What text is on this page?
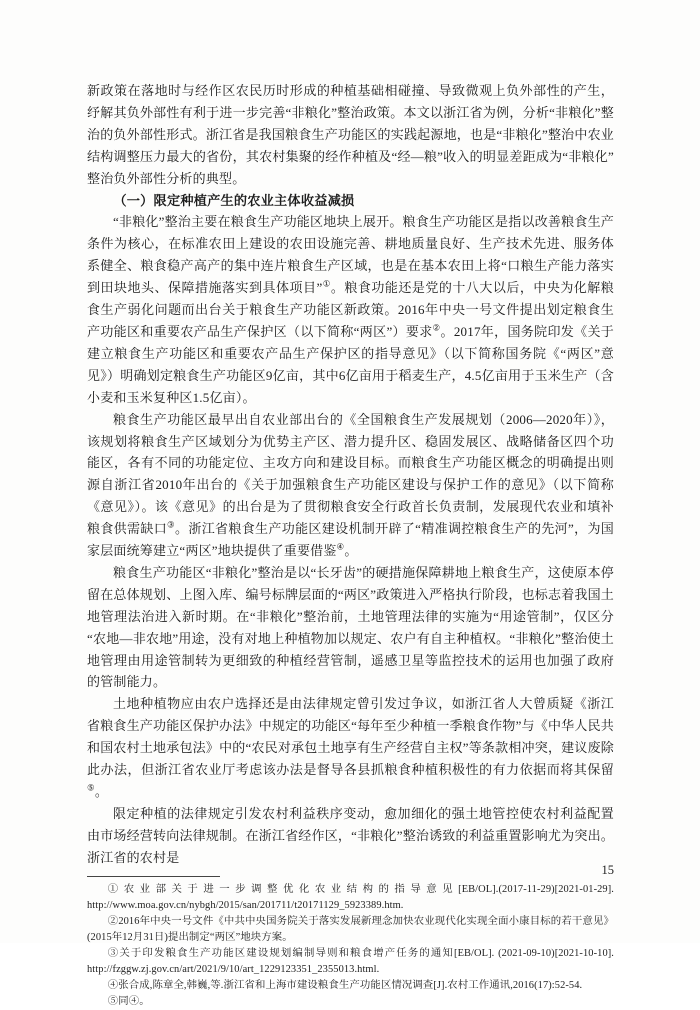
新政策在落地时与经作区农民历时形成的种植基础相碰撞、导致微观上负外部性的产生，纾解其负外部性有利于进一步完善“非粮化”整治政策。本文以浙江省为例，分析“非粮化”整治的负外部性形式。浙江省是我国粮食生产功能区的实践起源地，也是“非粮化”整治中农业结构调整压力最大的省份，其农村集聚的经作种植及“经—粮”收入的明显差距成为“非粮化”整治负外部性分析的典型。

（一）限定种植产生的农业主体收益减损

“非粮化”整治主要在粮食生产功能区地块上展开。粮食生产功能区是指以改善粮食生产条件为核心，在标准农田上建设的农田设施完善、耕地质量良好、生产技术先进、服务体系健全、粮食稳产高产的集中连片粮食生产区域，也是在基本农田上将“口粮生产能力落实到田块地头、保障措施落实到具体项目”①。粮食功能还是党的十八大以后，中央为化解粮食生产弱化问题而出台关于粮食生产功能区新政策。2016年中央一号文件提出划定粮食生产功能区和重要农产品生产保护区（以下简称“两区”）要求②。2017年，国务院印发《关于建立粮食生产功能区和重要农产品生产保护区的指导意见》（以下简称国务院《“两区”意见》）明确划定粮食生产功能区9亿亩，其中6亿亩用于稻麦生产，4.5亿亩用于玉米生产（含小麦和玉米复种区1.5亿亩）。

粮食生产功能区最早出自农业部出台的《全国粮食生产发展规划（2006—2020年）》，该规划将粮食生产区域划分为优势主产区、潜力提升区、稳固发展区、战略储备区四个功能区，各有不同的功能定位、主攻方向和建设目标。而粮食生产功能区概念的明确提出则源自浙江省2010年出台的《关于加强粮食生产功能区建设与保护工作的意见》（以下简称《意见》）。该《意见》的出台是为了贯彻粮食安全行政首长负责制，发展现代农业和填补粮食供需缺口③。浙江省粮食生产功能区建设机制开辟了“精准调控粮食生产的先河”，为国家层面统筹建立“两区”地块提供了重要借鉴④。

粮食生产功能区“非粮化”整治是以“长牙齿”的硬措施保障耕地上粮食生产，这使原本停留在总体规划、上图入库、编号标牌层面的“两区”政策进入严格执行阶段，也标志着我国土地管理法治进入新时期。在“非粮化”整治前，土地管理法律的实施为“用途管制”，仅区分“农地—非农地”用途，没有对地上种植物加以规定、农户有自主种植权。“非粮化”整治使土地管理由用途管制转为更细致的种植经营管制，遥感卫星等监控技术的运用也加强了政府的管制能力。

土地种植物应由农户选择还是由法律规定曾引发过争议，如浙江省人大曾质疑《浙江省粮食生产功能区保护办法》中规定的功能区“每年至少种植一季粮食作物”与《中华人民共和国农村土地承包法》中的“农民对承包土地享有生产经营自主权”等条款相冲突，建议废除此办法，但浙江省农业厅考虑该办法是督导各县抓粮食种植积极性的有力依据而将其保留⑤。

限定种植的法律规定引发农村利益秩序变动，愈加细化的强土地管控使农村利益配置由市场经营转向法律规制。在浙江省经作区，“非粮化”整治诱致的利益重置影响尤为突出。浙江省的农村是

①农业部关于进一步调整优化农业结构的指导意见[EB/OL].(2017-11-29)[2021-01-29]. http://www.moa.gov.cn/nybgh/2015/san/201711/t20171129_5923389.htm.

②2016年中央一号文件《中共中央国务院关于落实发展新理念加快农业现代化实现全面小康目标的若干意见》(2015年12月31日)提出制定“两区”地块方案。

③关于印发粮食生产功能区建设规划编制导则和粮食增产任务的通知[EB/OL]. (2021-09-10)[2021-10-10]. http://fzggw.zj.gov.cn/art/2021/9/10/art_1229123351_2355013.html.

④张合成,陈章全,韩巍,等.浙江省和上海市建设粮食生产功能区情况调查[J].农村工作通讯,2016(17):52-54.

⑤同④。

15
